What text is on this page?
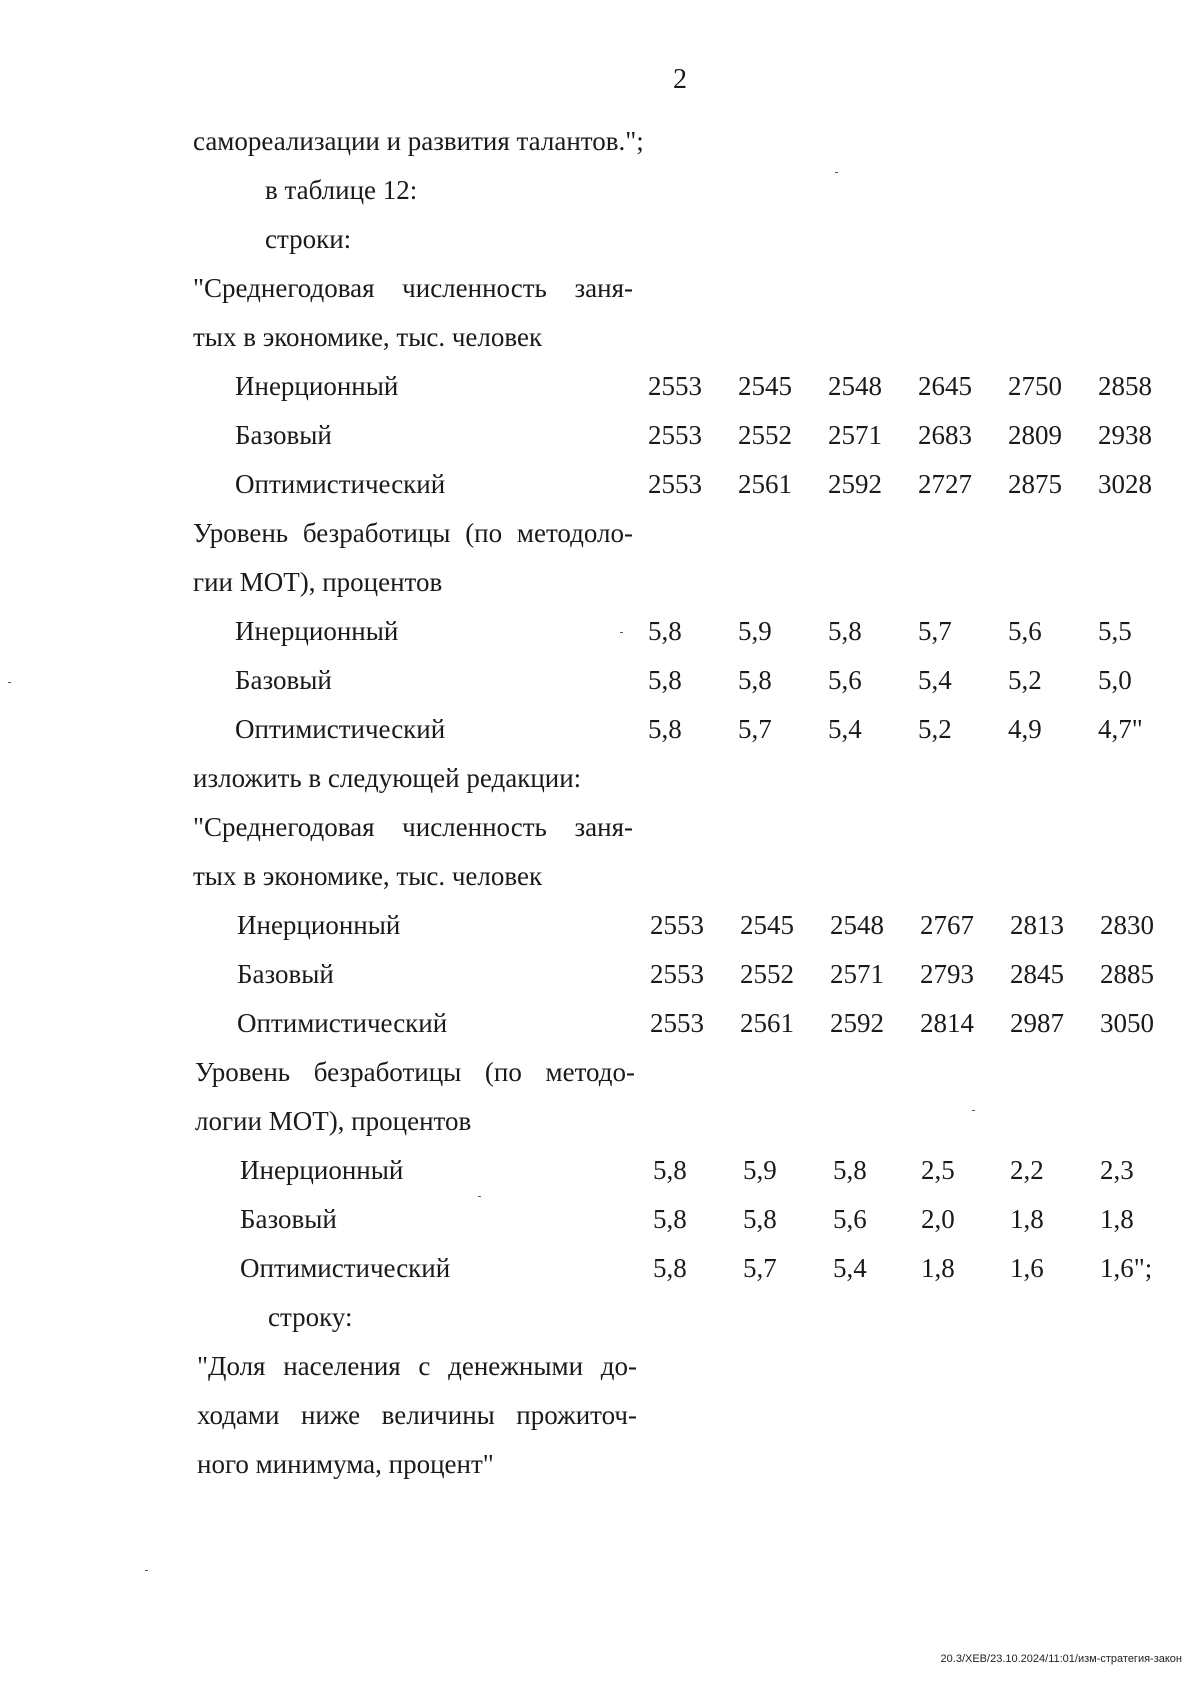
2
самореализации и развития талантов.";
в таблице 12:
строки:
"Среднегодовая численность заня-
тых в экономике, тыс. человек
Инерционный	2553	2545	2548	2645	2750	2858
Базовый	2553	2552	2571	2683	2809	2938
Оптимистический	2553	2561	2592	2727	2875	3028
Уровень безработицы (по методоло-
гии МОТ), процентов
Инерционный	5,8	5,9	5,8	5,7	5,6	5,5
Базовый	5,8	5,8	5,6	5,4	5,2	5,0
Оптимистический	5,8	5,7	5,4	5,2	4,9	4,7"
изложить в следующей редакции:
"Среднегодовая численность заня-
тых в экономике, тыс. человек
Инерционный	2553	2545	2548	2767	2813	2830
Базовый	2553	2552	2571	2793	2845	2885
Оптимистический	2553	2561	2592	2814	2987	3050
Уровень безработицы (по методо-
логии МОТ), процентов
Инерционный	5,8	5,9	5,8	2,5	2,2	2,3
Базовый	5,8	5,8	5,6	2,0	1,8	1,8
Оптимистический	5,8	5,7	5,4	1,8	1,6	1,6";
строку:
"Доля населения с денежными до-
ходами ниже величины прожиточ-
ного минимума, процент"
20.3/ХЕВ/23.10.2024/11:01/изм-стратегия-закон
